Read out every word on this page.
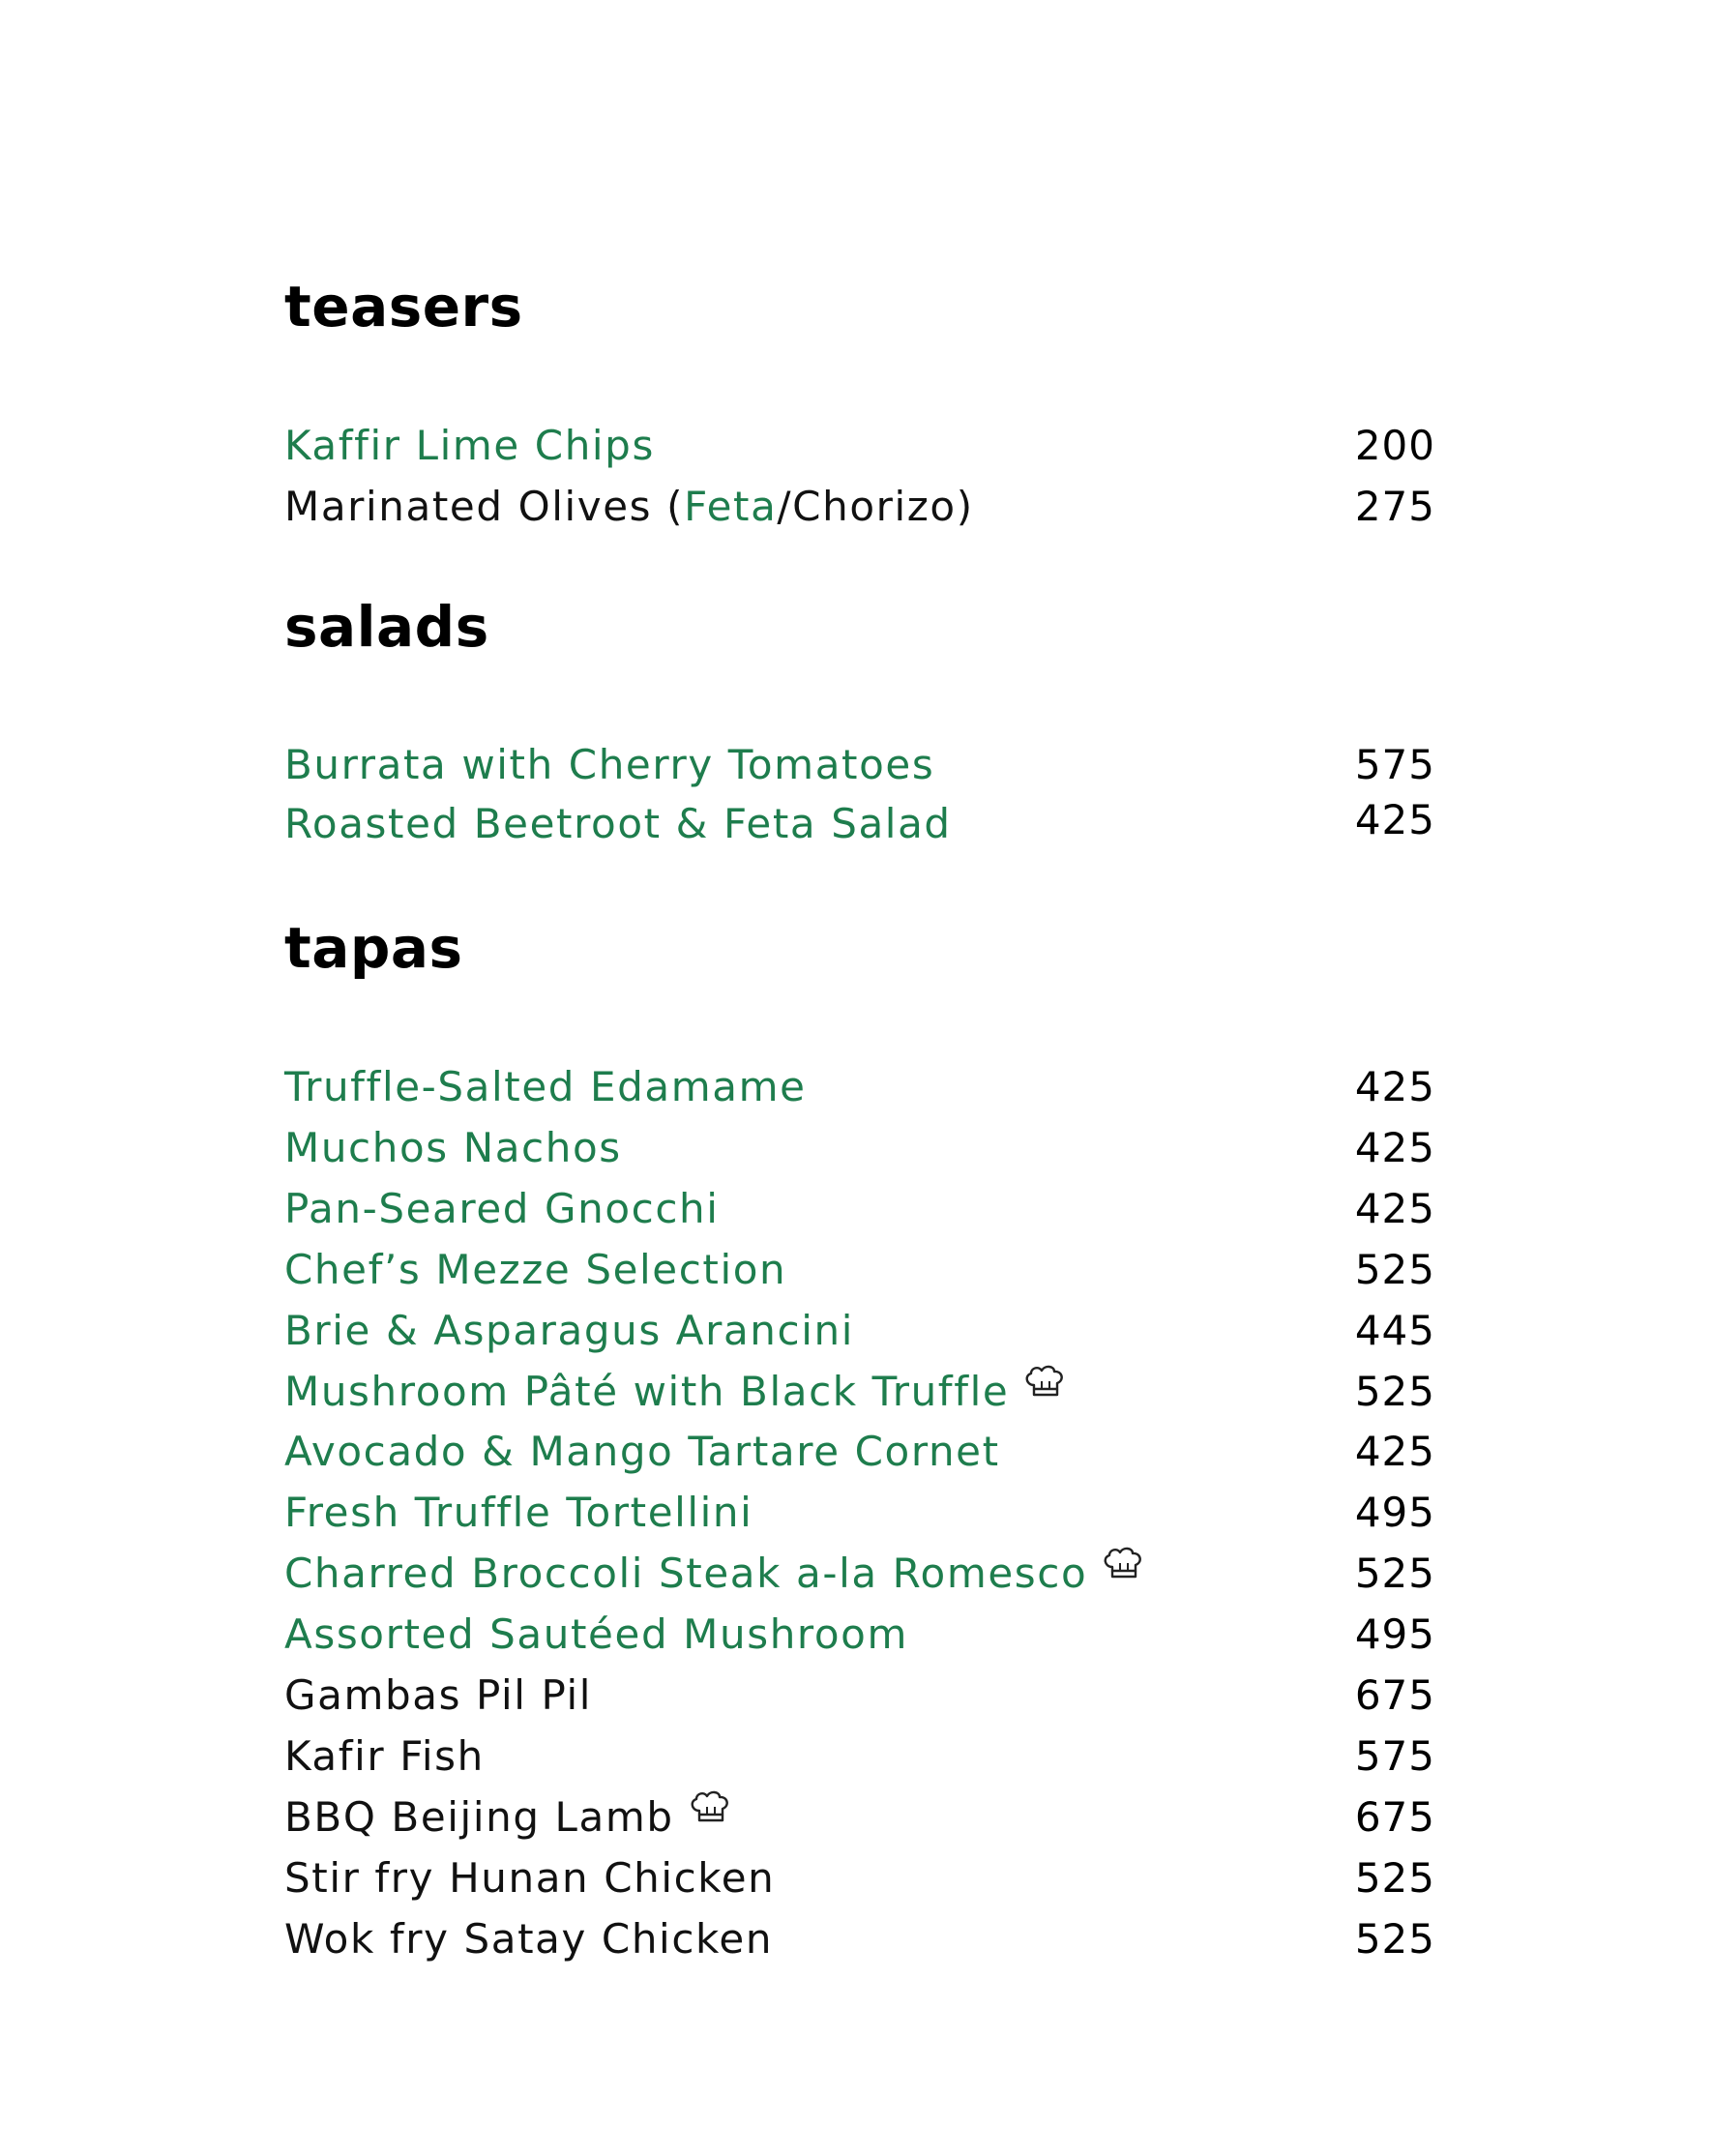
teasers
Kaffir Lime Chips	200
Marinated Olives (Feta/Chorizo)	275
salads
Burrata with Cherry Tomatoes	575
Roasted Beetroot & Feta Salad	425
tapas
Truffle-Salted Edamame	425
Muchos Nachos	425
Pan-Seared Gnocchi	425
Chef’s Mezze Selection	525
Brie & Asparagus Arancini	445
Mushroom Pâté with Black Truffle	525
Avocado & Mango Tartare Cornet	425
Fresh Truffle Tortellini	495
Charred Broccoli Steak a-la Romesco	525
Assorted Sautéed Mushroom	495
Gambas Pil Pil	675
Kafir Fish	575
BBQ Beijing Lamb	675
Stir fry Hunan Chicken	525
Wok fry Satay Chicken	525
